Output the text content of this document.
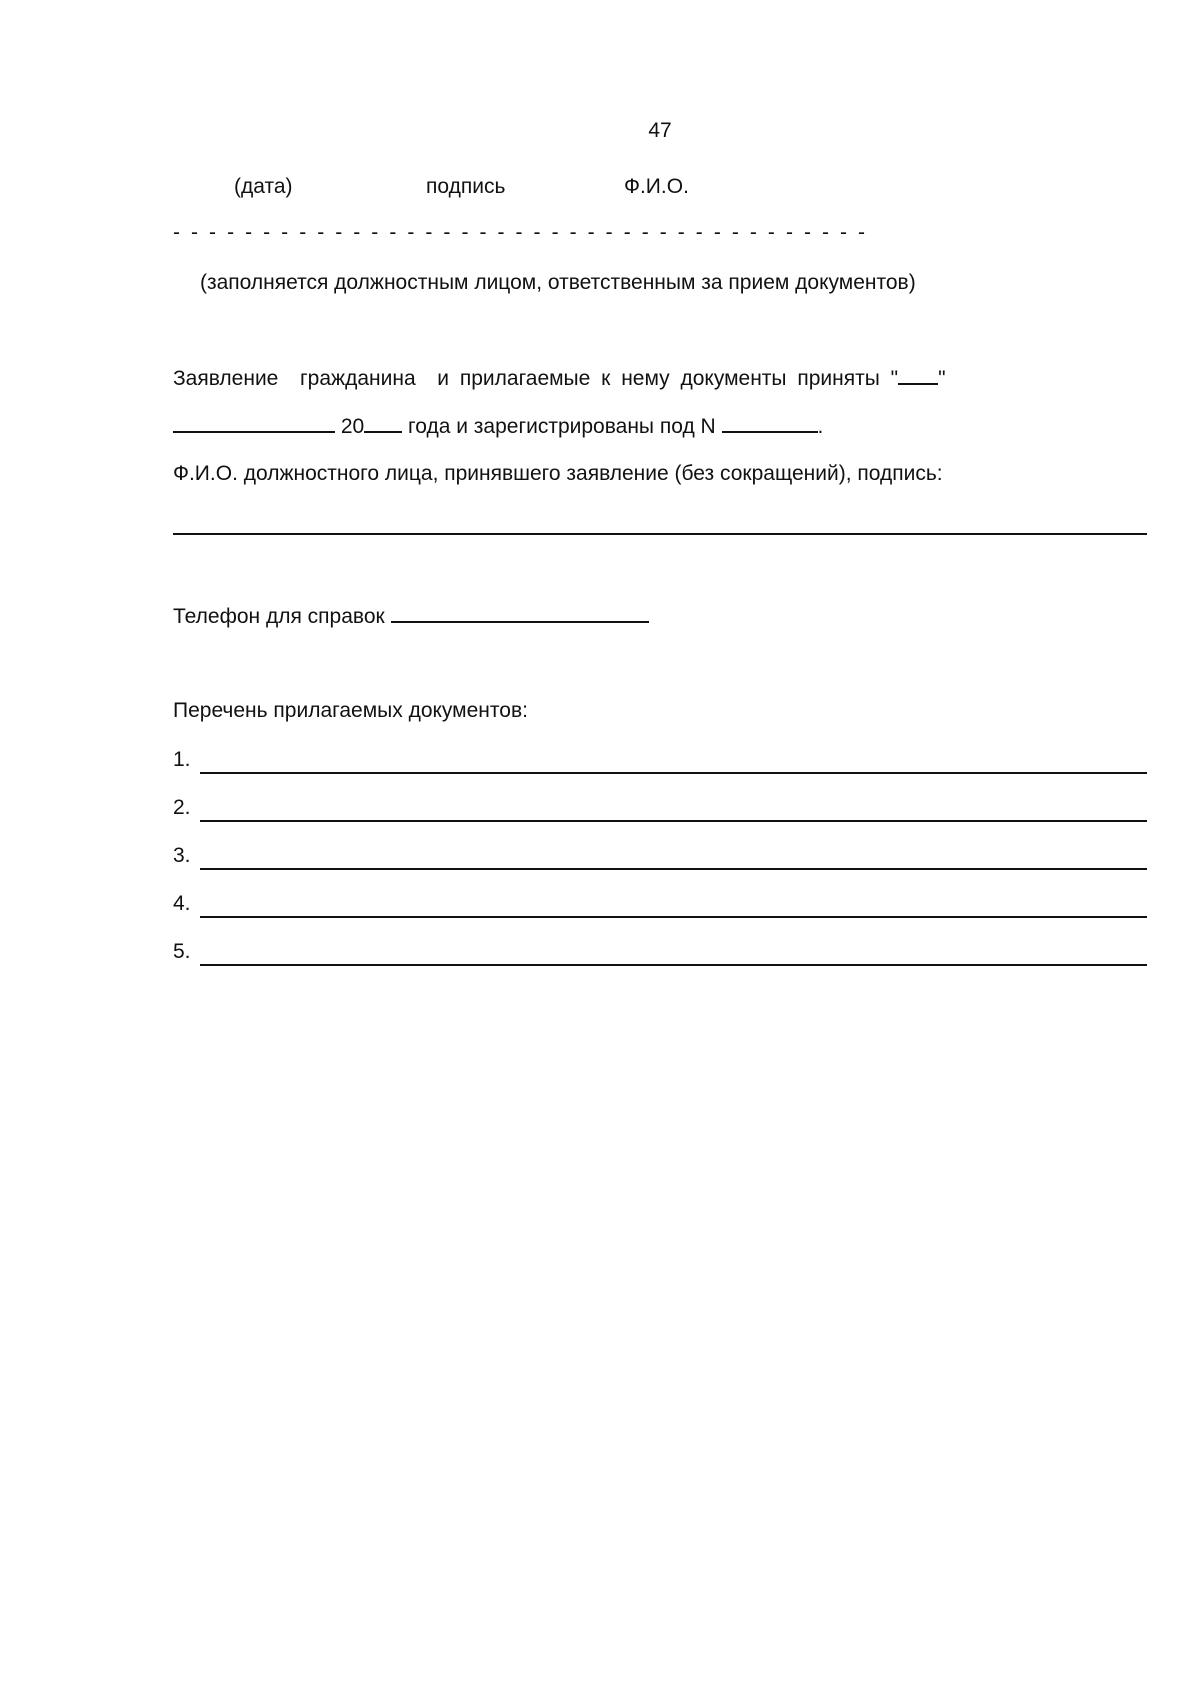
47
(дата)	подпись	Ф.И.О.
- - - - - - - - - - - - - - - - - - - - - - - - - - - - - - - - - - - - - - -
(заполняется должностным лицом, ответственным за прием документов)
Заявление  гражданина  и прилагаемые к нему документы приняты " "
20 года и зарегистрированы под N	.
Ф.И.О. должностного лица, принявшего заявление (без сокращений), подпись:
Телефон для справок
Перечень прилагаемых документов:
1.
2.
3.
4.
5.
